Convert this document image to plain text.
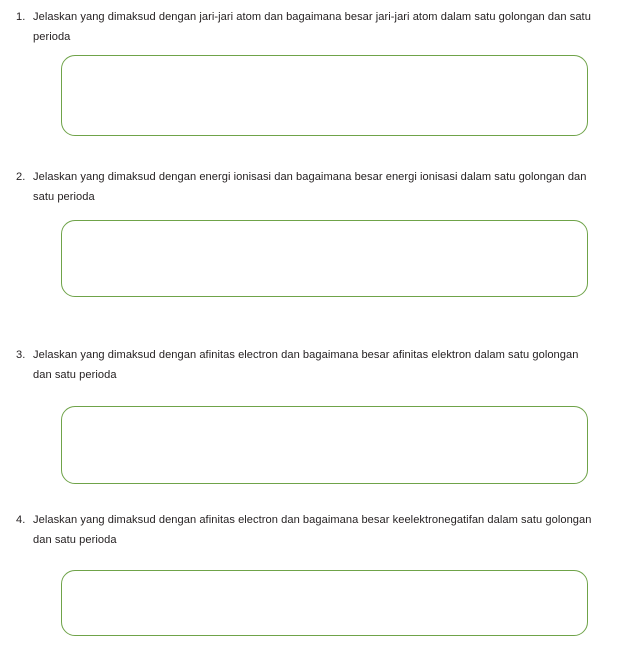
1. Jelaskan yang dimaksud dengan jari-jari atom dan bagaimana besar jari-jari atom dalam satu golongan dan satu perioda

2. Jelaskan yang dimaksud dengan energi ionisasi dan bagaimana besar energi ionisasi dalam satu golongan dan satu perioda

3. Jelaskan yang dimaksud dengan afinitas electron dan bagaimana besar afinitas elektron dalam satu golongan dan satu perioda

4. Jelaskan yang dimaksud dengan afinitas electron dan bagaimana besar keelektronegatifan dalam satu golongan dan satu perioda
